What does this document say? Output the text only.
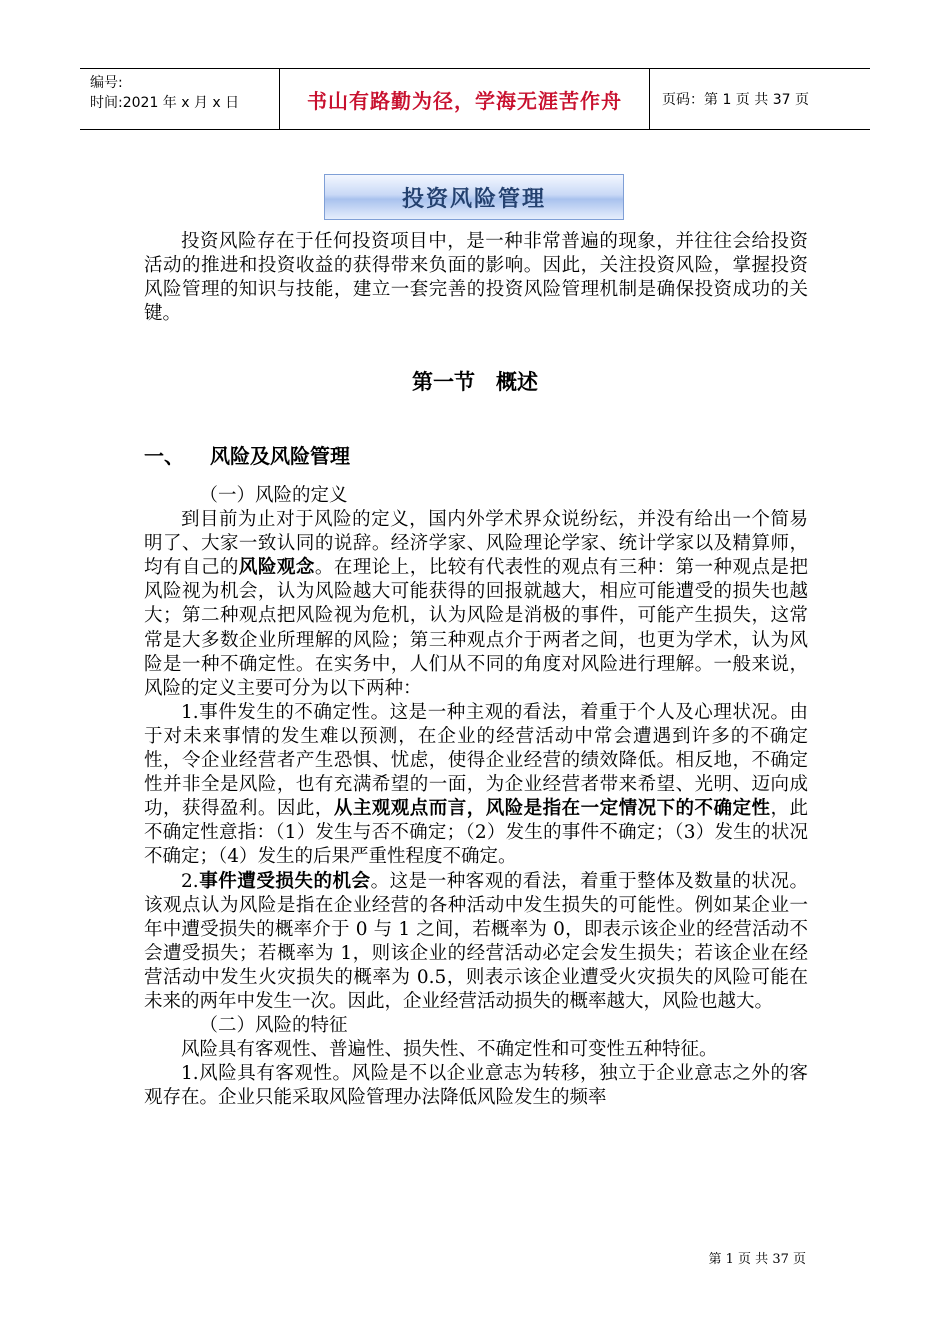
编号:
时间:2021 年 x 月 x 日	书山有路勤为径，学海无涯苦作舟	页码：第 1 页 共 37 页
投资风险管理

投资风险存在于任何投资项目中，是一种非常普遍的现象，并往往会给投资活动的推进和投资收益的获得带来负面的影响。因此，关注投资风险，掌握投资风险管理的知识与技能，建立一套完善的投资风险管理机制是确保投资成功的关键。

第一节　概述
一、 风险及风险管理

（一）风险的定义

到目前为止对于风险的定义，国内外学术界众说纷纭，并没有给出一个简易明了、大家一致认同的说辞。经济学家、风险理论学家、统计学家以及精算师，均有自己的风险观念。在理论上，比较有代表性的观点有三种：第一种观点是把风险视为机会，认为风险越大可能获得的回报就越大，相应可能遭受的损失也越大；第二种观点把风险视为危机，认为风险是消极的事件，可能产生损失，这常常是大多数企业所理解的风险；第三种观点介于两者之间，也更为学术，认为风险是一种不确定性。在实务中，人们从不同的角度对风险进行理解。一般来说，风险的定义主要可分为以下两种：

1.事件发生的不确定性。这是一种主观的看法，着重于个人及心理状况。由于对未来事情的发生难以预测，在企业的经营活动中常会遭遇到许多的不确定性，令企业经营者产生恐惧、忧虑，使得企业经营的绩效降低。相反地，不确定性并非全是风险，也有充满希望的一面，为企业经营者带来希望、光明、迈向成功，获得盈利。因此，从主观观点而言，风险是指在一定情况下的不确定性，此不确定性意指：（1）发生与否不确定；（2）发生的事件不确定；（3）发生的状况不确定；（4）发生的后果严重性程度不确定。

2.事件遭受损失的机会。这是一种客观的看法，着重于整体及数量的状况。该观点认为风险是指在企业经营的各种活动中发生损失的可能性。例如某企业一年中遭受损失的概率介于 0 与 1 之间，若概率为 0，即表示该企业的经营活动不会遭受损失；若概率为 1，则该企业的经营活动必定会发生损失；若该企业在经营活动中发生火灾损失的概率为 0.5，则表示该企业遭受火灾损失的风险可能在未来的两年中发生一次。因此，企业经营活动损失的概率越大，风险也越大。

（二）风险的特征

风险具有客观性、普遍性、损失性、不确定性和可变性五种特征。

1.风险具有客观性。风险是不以企业意志为转移，独立于企业意志之外的客观存在。企业只能采取风险管理办法降低风险发生的频率

第 1 页 共 37 页
